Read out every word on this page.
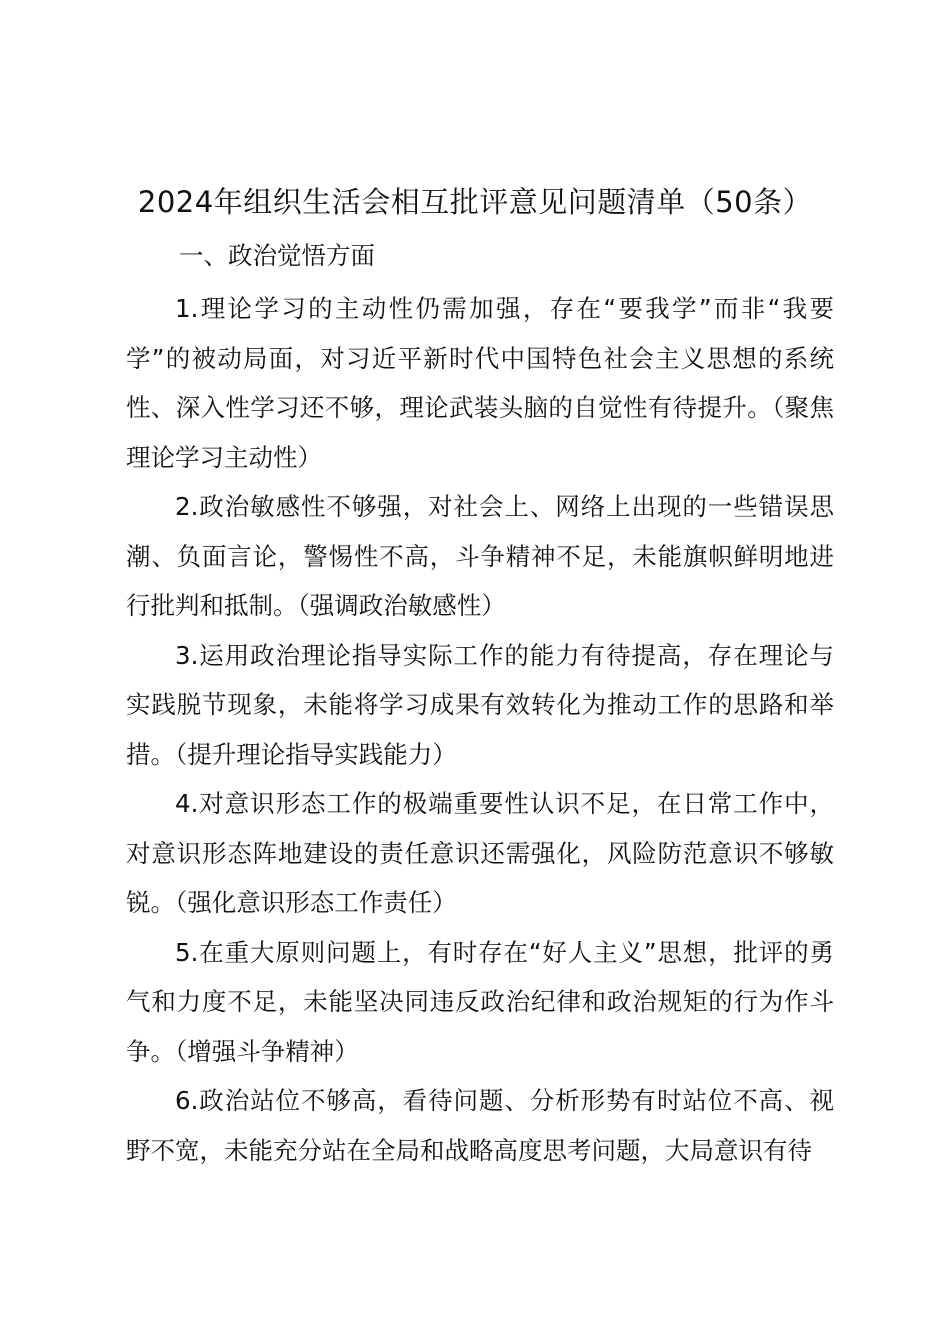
2024年组织生活会相互批评意见问题清单（50条）
一、政治觉悟方面

1.理论学习的主动性仍需加强，存在“要我学”而非“我要学”的被动局面，对习近平新时代中国特色社会主义思想的系统性、深入性学习还不够，理论武装头脑的自觉性有待提升。（聚焦理论学习主动性）

2.政治敏感性不够强，对社会上、网络上出现的一些错误思潮、负面言论，警惕性不高，斗争精神不足，未能旗帜鲜明地进行批判和抵制。（强调政治敏感性）

3.运用政治理论指导实际工作的能力有待提高，存在理论与实践脱节现象，未能将学习成果有效转化为推动工作的思路和举措。（提升理论指导实践能力）

4.对意识形态工作的极端重要性认识不足，在日常工作中，对意识形态阵地建设的责任意识还需强化，风险防范意识不够敏锐。（强化意识形态工作责任）

5.在重大原则问题上，有时存在“好人主义”思想，批评的勇气和力度不足，未能坚决同违反政治纪律和政治规矩的行为作斗争。（增强斗争精神）

6.政治站位不够高，看待问题、分析形势有时站位不高、视野不宽，未能充分站在全局和战略高度思考问题，大局意识有待
